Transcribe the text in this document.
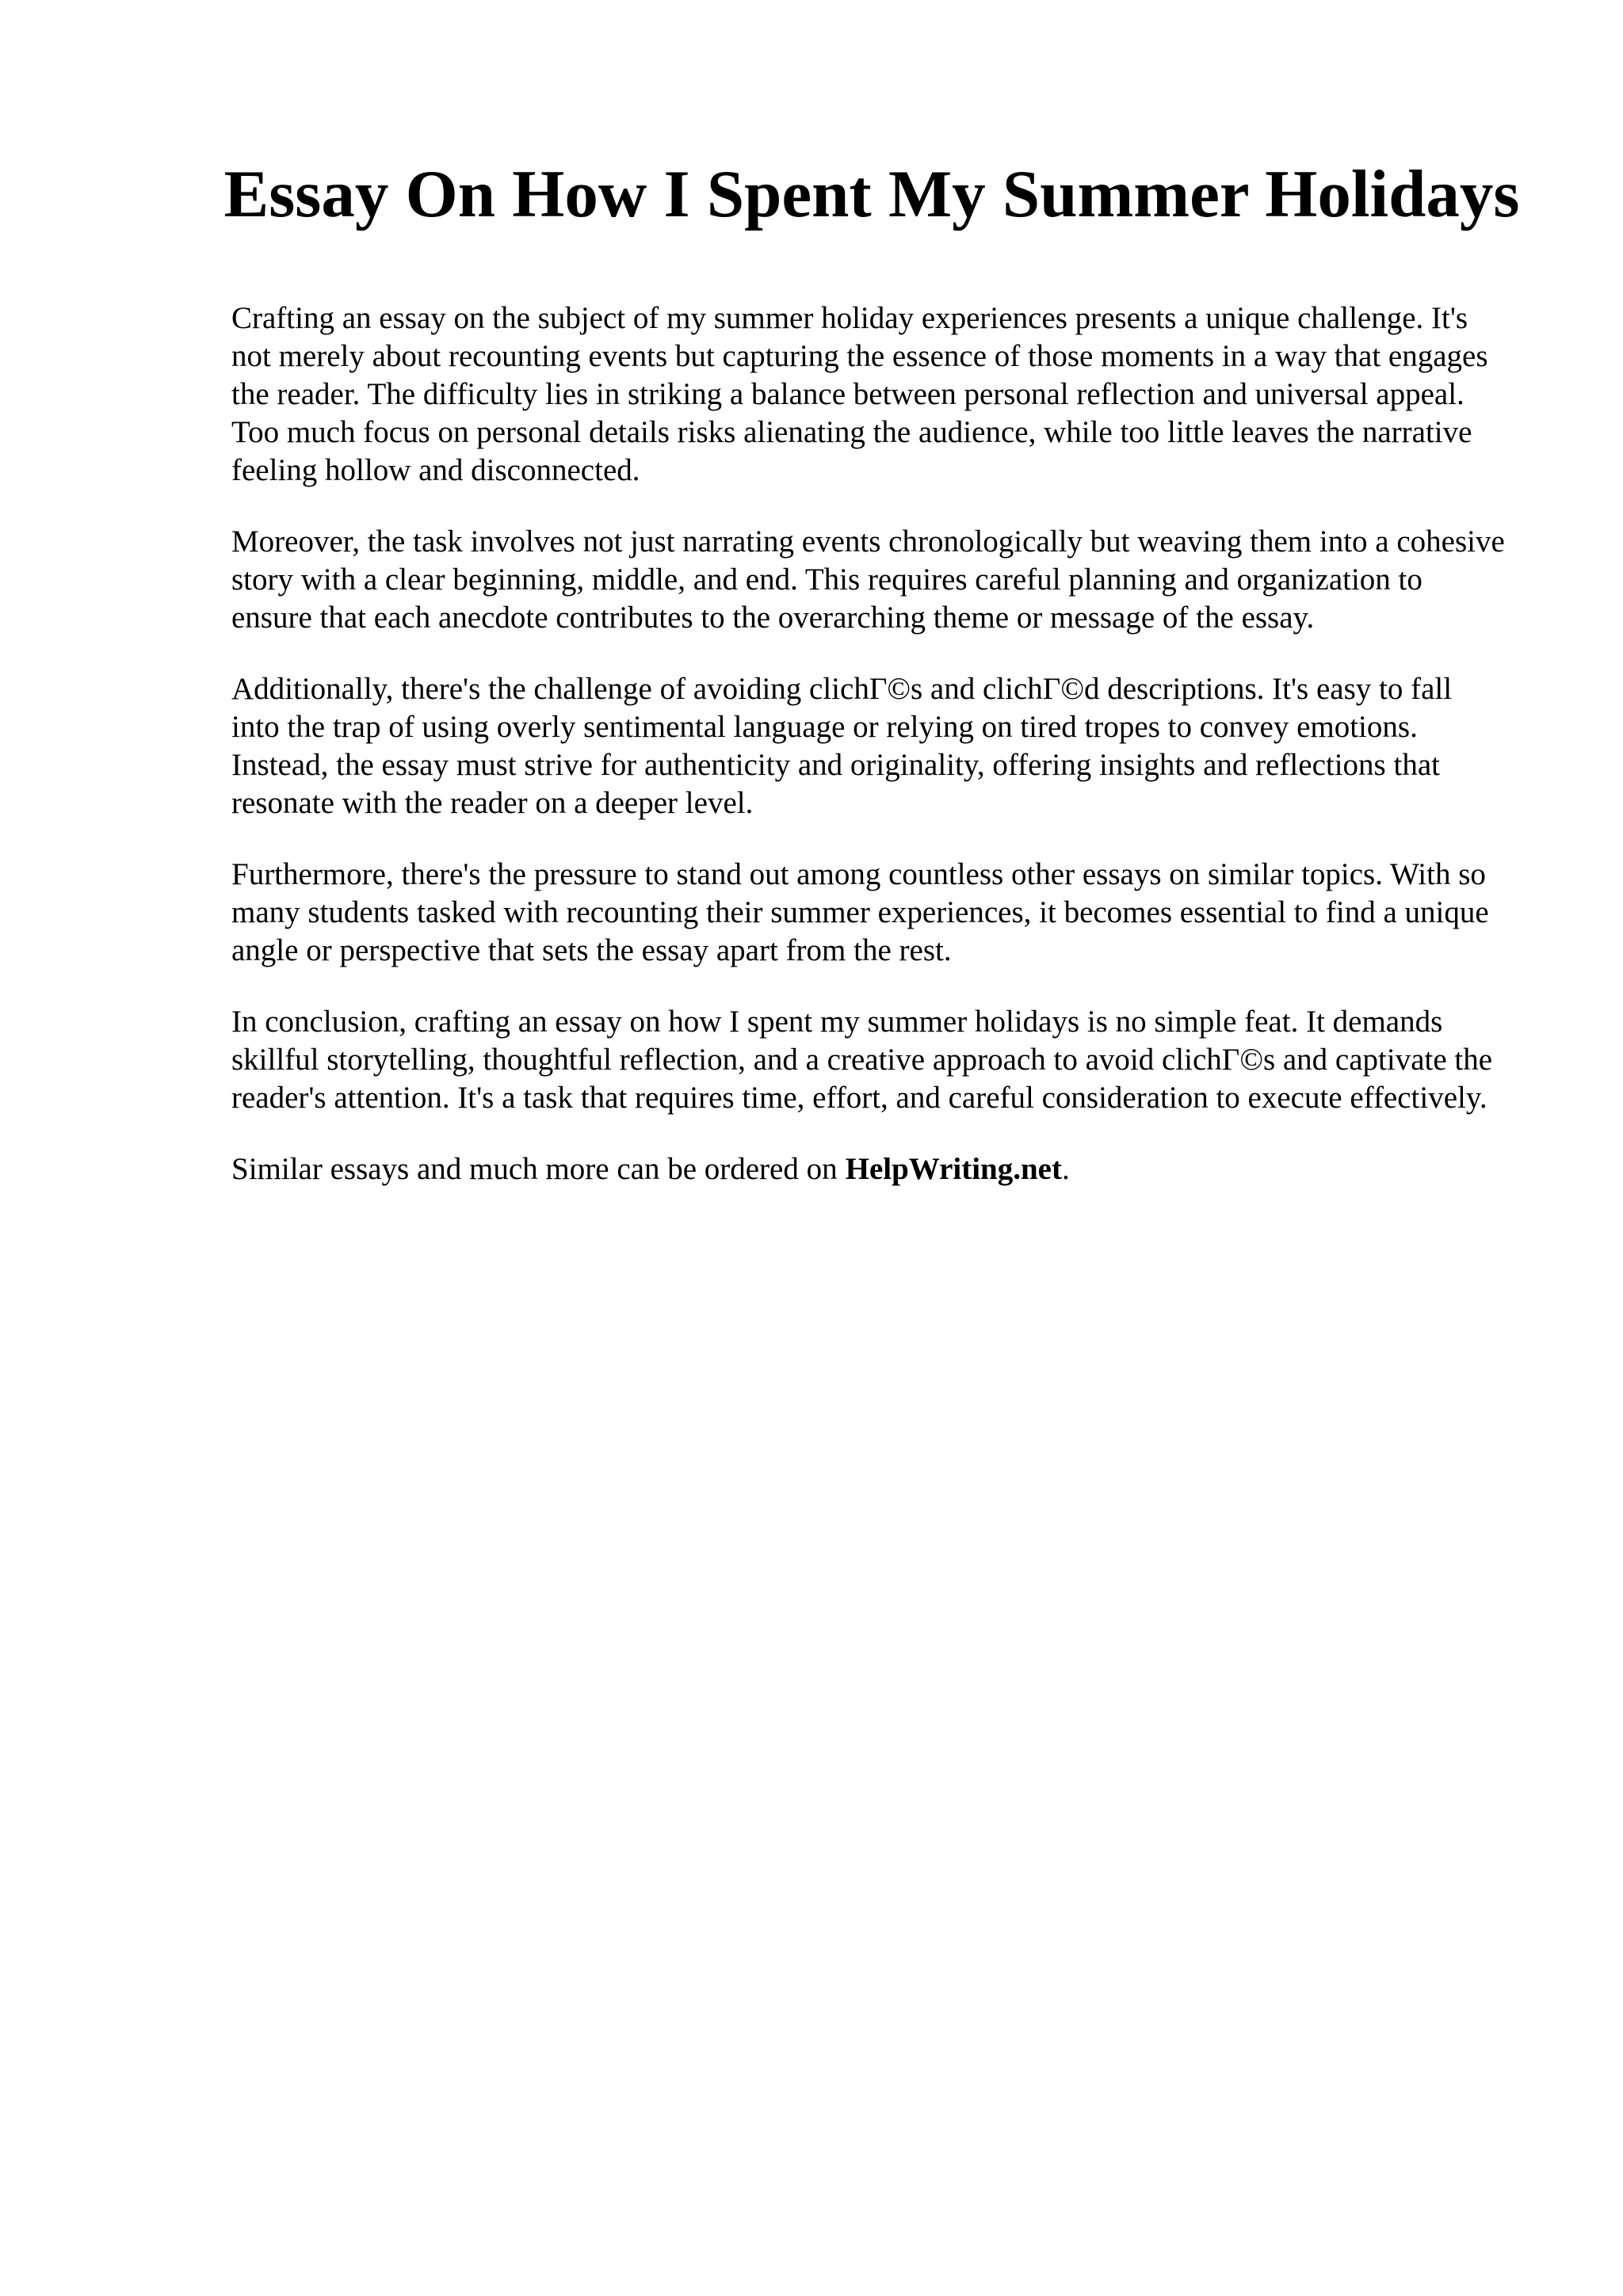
Essay On How I Spent My Summer Holidays

Crafting an essay on the subject of my summer holiday experiences presents a unique challenge. It's not merely about recounting events but capturing the essence of those moments in a way that engages the reader. The difficulty lies in striking a balance between personal reflection and universal appeal. Too much focus on personal details risks alienating the audience, while too little leaves the narrative feeling hollow and disconnected.

Moreover, the task involves not just narrating events chronologically but weaving them into a cohesive story with a clear beginning, middle, and end. This requires careful planning and organization to ensure that each anecdote contributes to the overarching theme or message of the essay.

Additionally, there's the challenge of avoiding clichΓ©s and clichΓ©d descriptions. It's easy to fall into the trap of using overly sentimental language or relying on tired tropes to convey emotions. Instead, the essay must strive for authenticity and originality, offering insights and reflections that resonate with the reader on a deeper level.

Furthermore, there's the pressure to stand out among countless other essays on similar topics. With so many students tasked with recounting their summer experiences, it becomes essential to find a unique angle or perspective that sets the essay apart from the rest.

In conclusion, crafting an essay on how I spent my summer holidays is no simple feat. It demands skillful storytelling, thoughtful reflection, and a creative approach to avoid clichΓ©s and captivate the reader's attention. It's a task that requires time, effort, and careful consideration to execute effectively.

Similar essays and much more can be ordered on HelpWriting.net.
